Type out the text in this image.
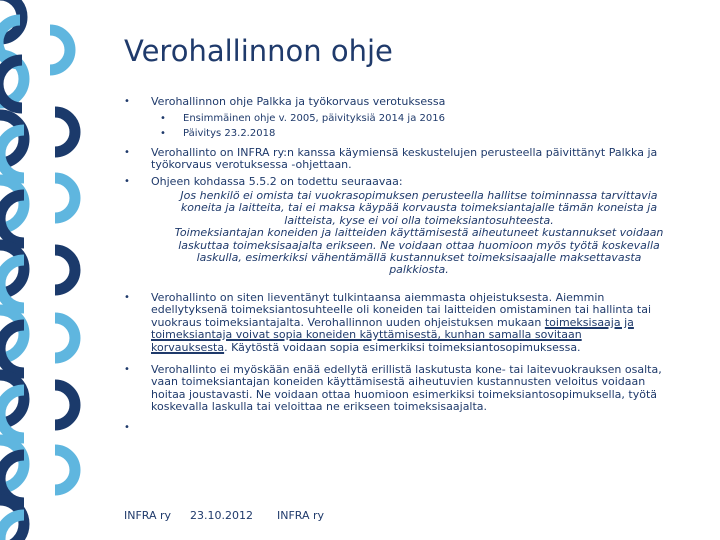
Verohallinnon ohje
• Verohallinnon ohje Palkka ja työkorvaus verotuksessa
• Ensimmäinen ohje v. 2005, päivityksiä 2014 ja 2016
• Päivitys 23.2.2018
• Verohallinto on INFRA ry:n kanssa käymiensä keskustelujen perusteella päivittänyt Palkka ja
työkorvaus verotuksessa -ohjettaan.
• Ohjeen kohdassa 5.5.2 on todettu seuraavaa:
Jos henkilö ei omista tai vuokrasopimuksen perusteella hallitse toiminnassa tarvittavia
koneita ja laitteita, tai ei maksa käypää korvausta toimeksiantajalle tämän koneista ja
laitteista, kyse ei voi olla toimeksiantosuhteesta.
Toimeksiantajan koneiden ja laitteiden käyttämisestä aiheutuneet kustannukset voidaan
laskuttaa toimeksisaajalta erikseen. Ne voidaan ottaa huomioon myös työtä koskevalla
laskulla, esimerkiksi vähentämällä kustannukset toimeksisaajalle maksettavasta
palkkiosta.
• Verohallinto on siten lieventänyt tulkintaansa aiemmasta ohjeistuksesta. Aiemmin
edellytyksenä toimeksiantosuhteelle oli koneiden tai laitteiden omistaminen tai hallinta tai
vuokraus toimeksiantajalta. Verohallinnon uuden ohjeistuksen mukaan toimeksisaaja ja
toimeksiantaja voivat sopia koneiden käyttämisestä, kunhan samalla sovitaan
korvauksesta. Käytöstä voidaan sopia esimerkiksi toimeksiantosopimuksessa.
• Verohallinto ei myöskään enää edellytä erillistä laskutusta kone- tai laitevuokrauksen osalta,
vaan toimeksiantajan koneiden käyttämisestä aiheutuvien kustannusten veloitus voidaan
hoitaa joustavasti. Ne voidaan ottaa huomioon esimerkiksi toimeksiantosopimuksella, työtä
koskevalla laskulla tai veloittaa ne erikseen toimeksisaajalta.
•
INFRA ry 23.10.2012 INFRA ry
